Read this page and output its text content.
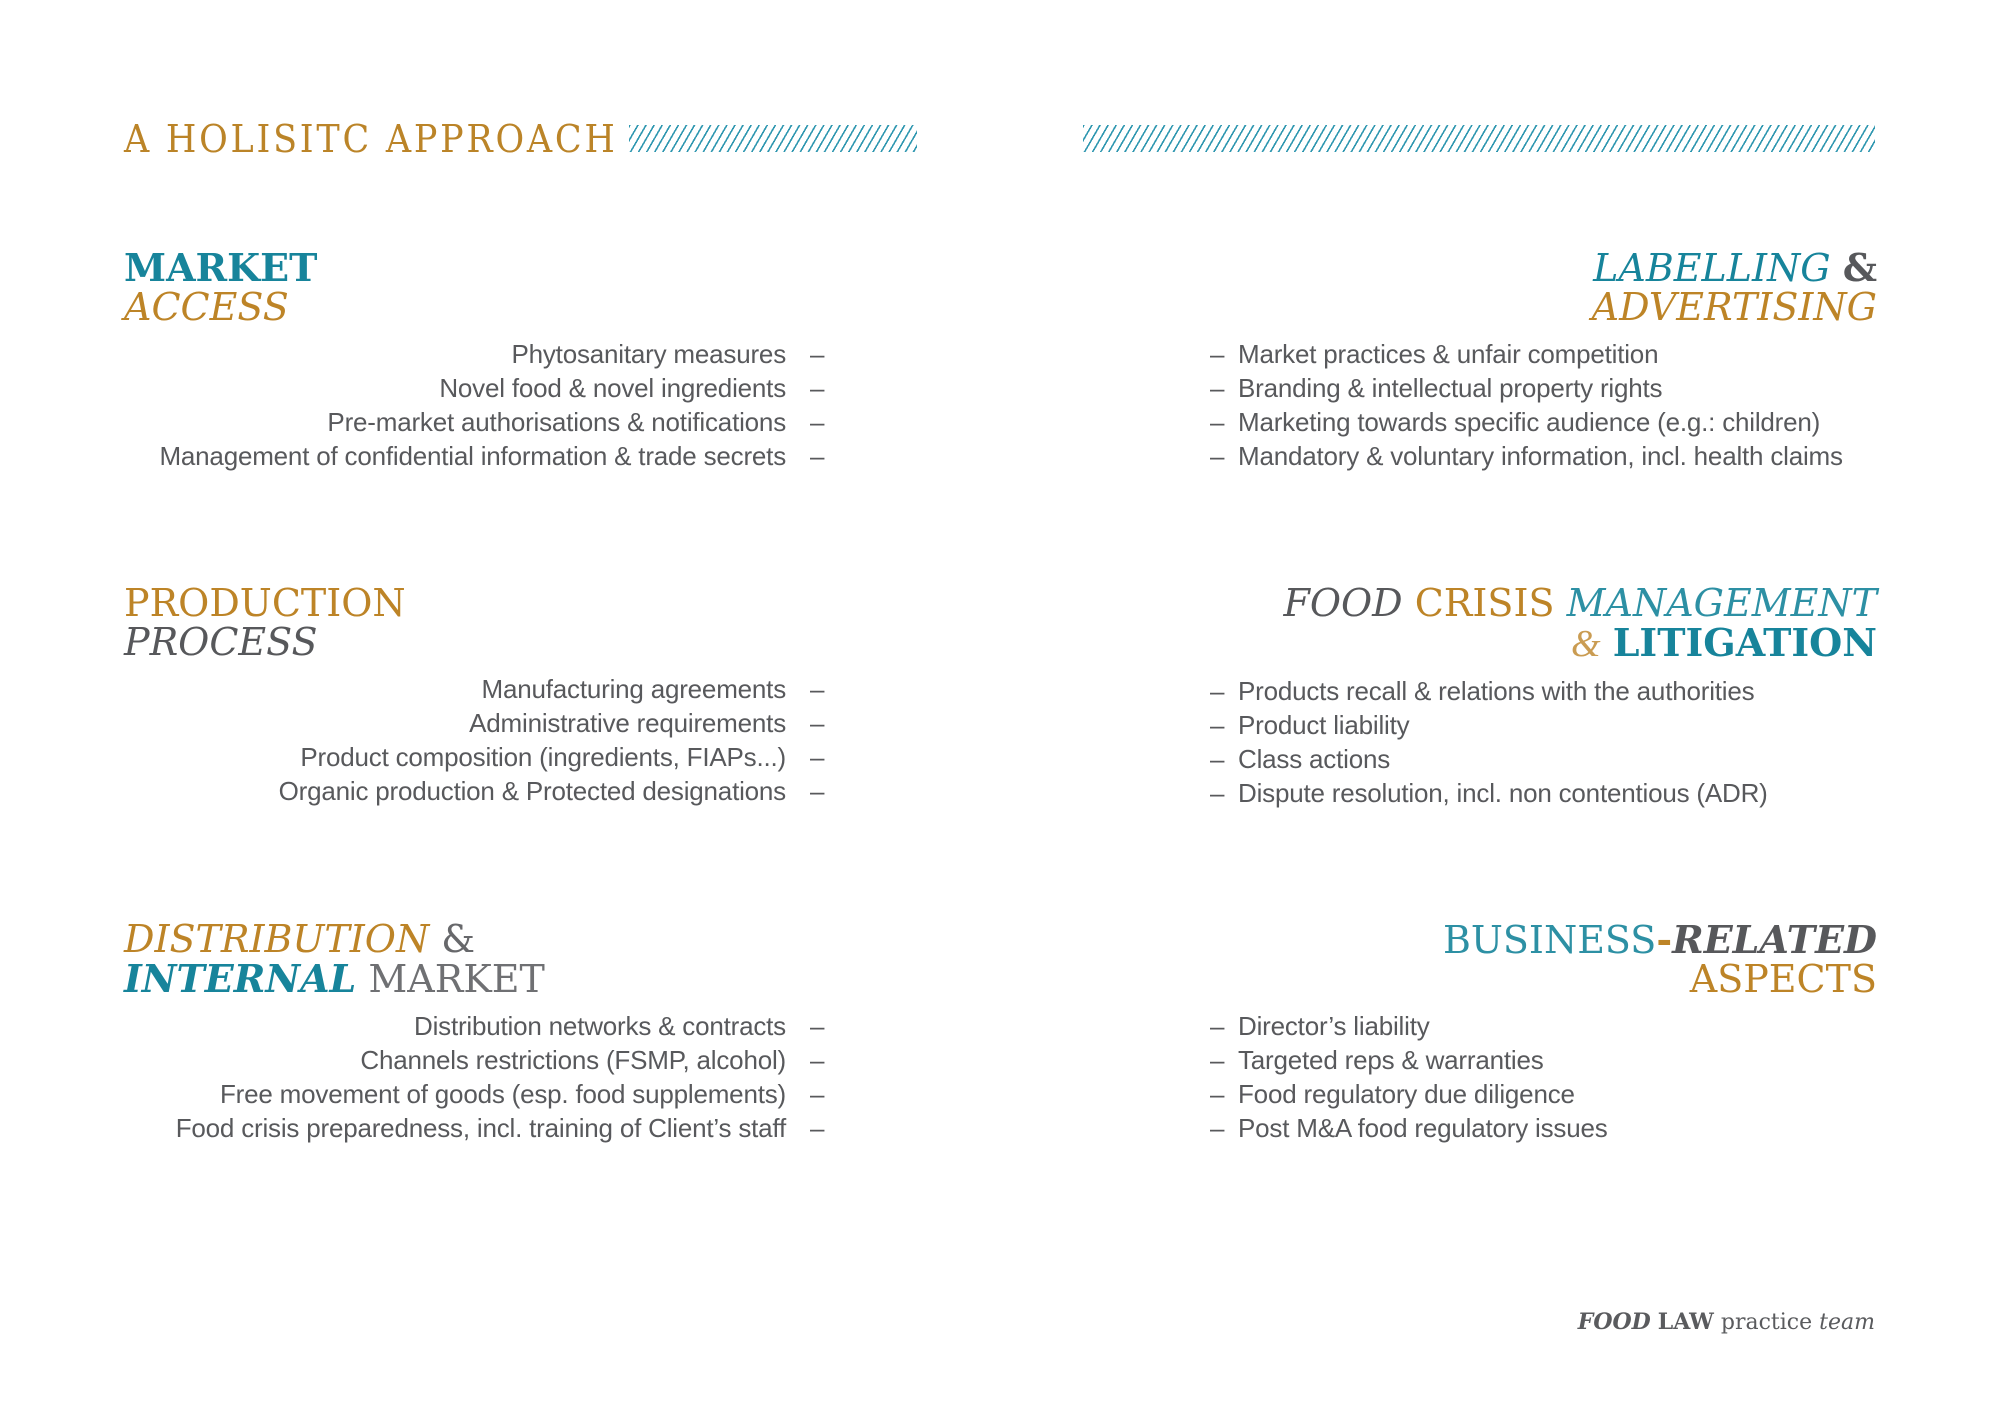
A HOLISITC APPROACH
MARKET
ACCESS
Phytosanitary measures –
Novel food & novel ingredients –
Pre-market authorisations & notifications –
Management of confidential information & trade secrets –
LABELLING &
ADVERTISING
– Market practices & unfair competition
– Branding & intellectual property rights
– Marketing towards specific audience (e.g.: children)
– Mandatory & voluntary information, incl. health claims
PRODUCTION
PROCESS
Manufacturing agreements –
Administrative requirements –
Product composition (ingredients, FIAPs...) –
Organic production & Protected designations –
FOOD CRISIS MANAGEMENT
& LITIGATION
– Products recall & relations with the authorities
– Product liability
– Class actions
– Dispute resolution, incl. non contentious (ADR)
DISTRIBUTION &
INTERNAL MARKET
Distribution networks & contracts –
Channels restrictions (FSMP, alcohol) –
Free movement of goods (esp. food supplements) –
Food crisis preparedness, incl. training of Client’s staff –
BUSINESS-RELATED
ASPECTS
– Director’s liability
– Targeted reps & warranties
– Food regulatory due diligence
– Post M&A food regulatory issues
FOOD LAW practice team
